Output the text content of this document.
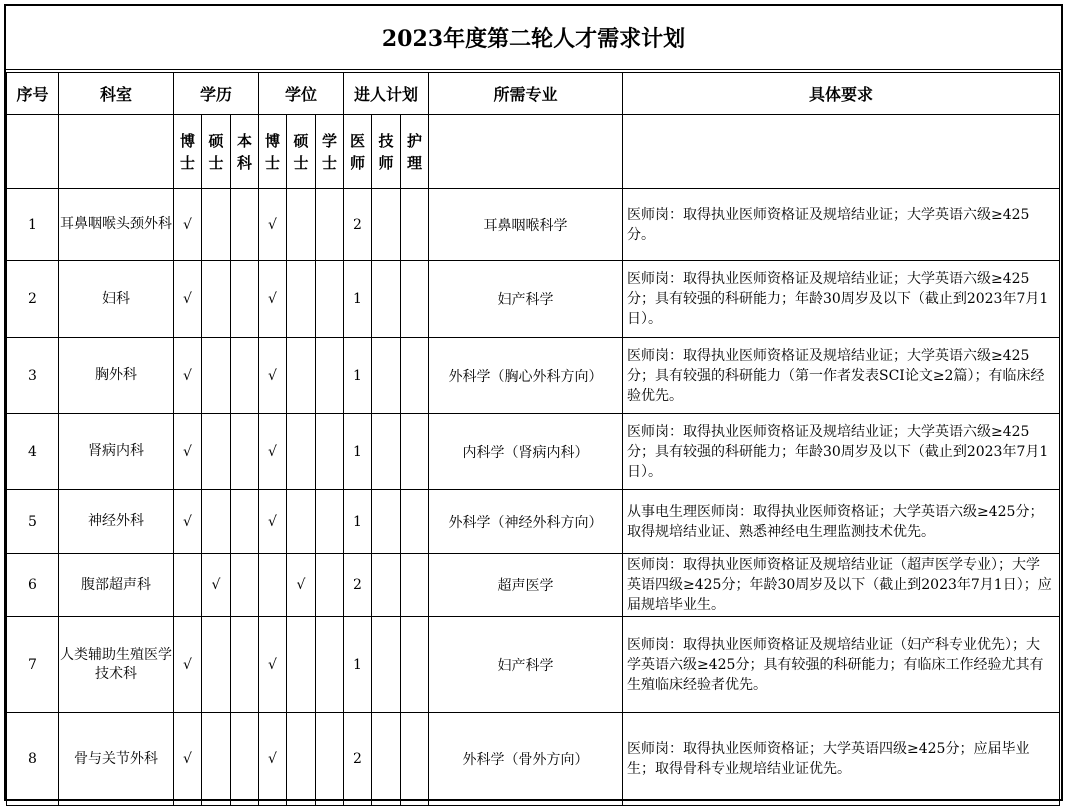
2023年度第二轮人才需求计划
序号	科室	学历			学位			进人计划			所需专业	具体要求
		博士	硕士	本科	博士	硕士	学士	医师	技师	护理		
1	耳鼻咽喉头颈外科	√			√			2			耳鼻咽喉科学	医师岗：取得执业医师资格证及规培结业证；大学英语六级≥425分。
2	妇科	√			√			1			妇产科学	医师岗：取得执业医师资格证及规培结业证；大学英语六级≥425分；具有较强的科研能力；年龄30周岁及以下（截止到2023年7月1日）。
3	胸外科	√			√			1			外科学（胸心外科方向）	医师岗：取得执业医师资格证及规培结业证；大学英语六级≥425分；具有较强的科研能力（第一作者发表SCI论文≥2篇）；有临床经验优先。
4	肾病内科	√			√			1			内科学（肾病内科）	医师岗：取得执业医师资格证及规培结业证；大学英语六级≥425分；具有较强的科研能力；年龄30周岁及以下（截止到2023年7月1日）。
5	神经外科	√			√			1			外科学（神经外科方向）	从事电生理医师岗：取得执业医师资格证；大学英语六级≥425分；取得规培结业证、熟悉神经电生理监测技术优先。
6	腹部超声科		√			√		2			超声医学	医师岗：取得执业医师资格证及规培结业证（超声医学专业）；大学英语四级≥425分；年龄30周岁及以下（截止到2023年7月1日）；应届规培毕业生。
7	人类辅助生殖医学技术科	√			√			1			妇产科学	医师岗：取得执业医师资格证及规培结业证（妇产科专业优先）；大学英语六级≥425分；具有较强的科研能力；有临床工作经验尤其有生殖临床经验者优先。
8	骨与关节外科	√			√			2			外科学（骨外方向）	医师岗：取得执业医师资格证；大学英语四级≥425分；应届毕业生；取得骨科专业规培结业证优先。
